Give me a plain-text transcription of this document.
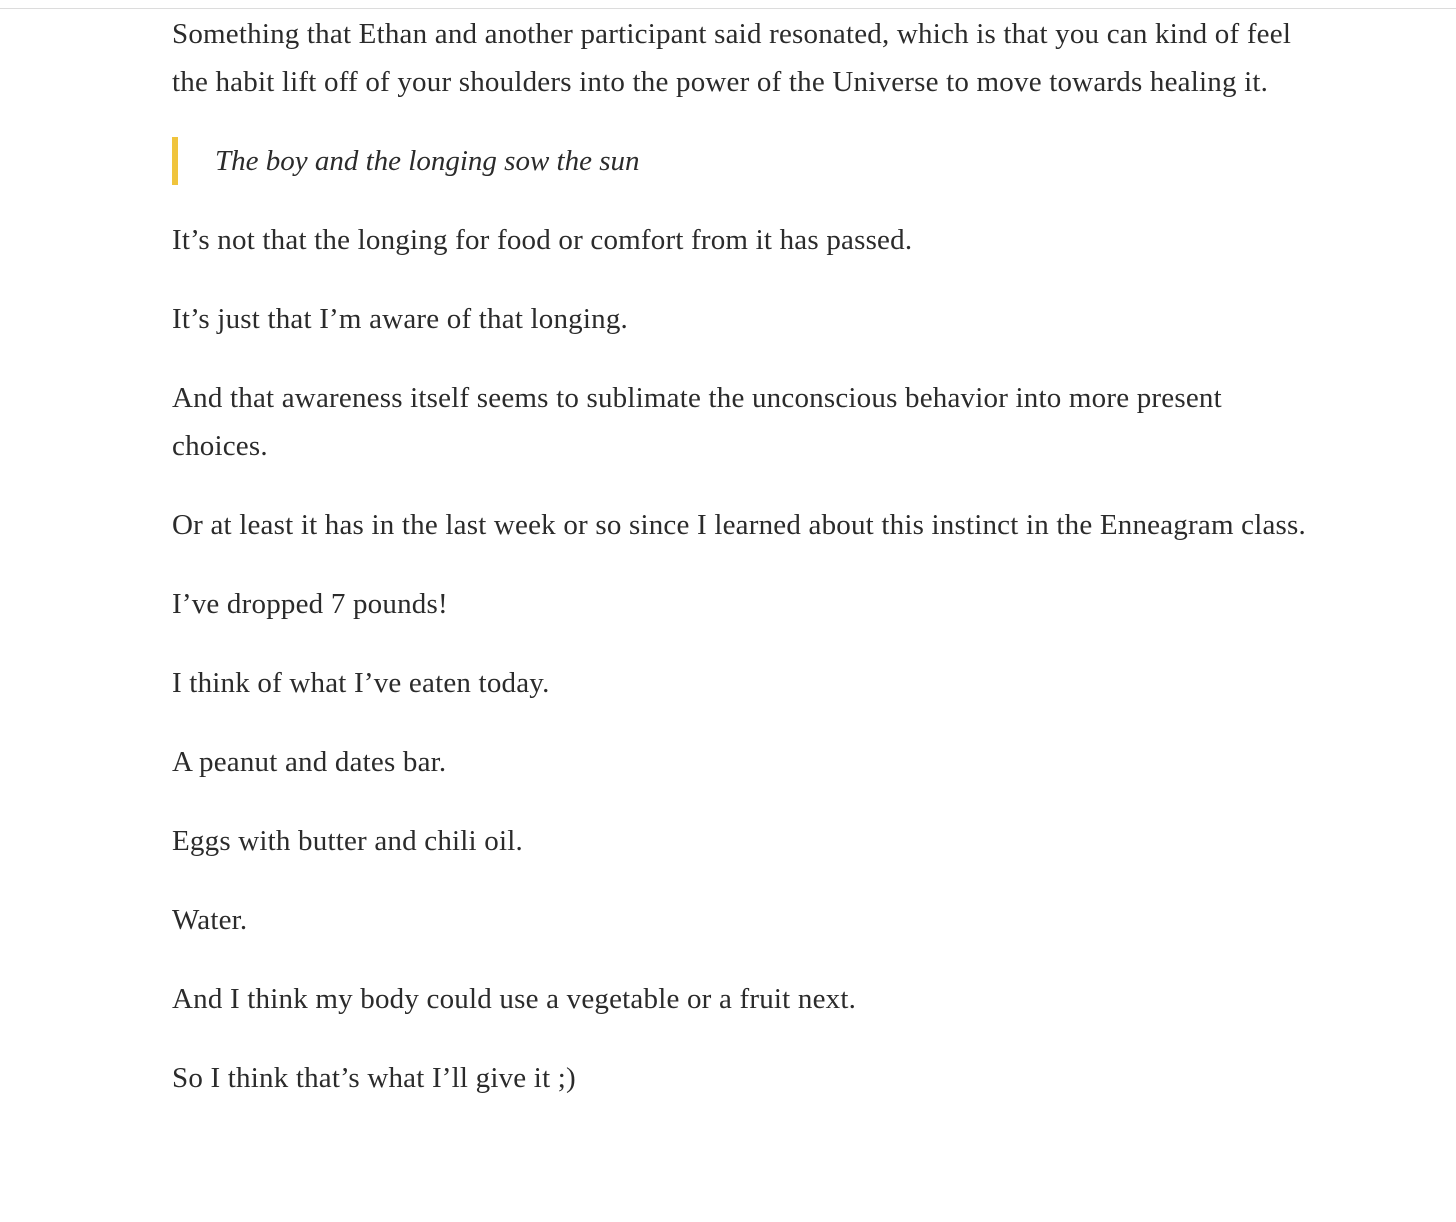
Something that Ethan and another participant said resonated, which is that you can kind of feel the habit lift off of your shoulders into the power of the Universe to move towards healing it.

The boy and the longing sow the sun

It’s not that the longing for food or comfort from it has passed.

It’s just that I’m aware of that longing.

And that awareness itself seems to sublimate the unconscious behavior into more present choices.

Or at least it has in the last week or so since I learned about this instinct in the Enneagram class.

I’ve dropped 7 pounds!

I think of what I’ve eaten today.

A peanut and dates bar.

Eggs with butter and chili oil.

Water.

And I think my body could use a vegetable or a fruit next.

So I think that’s what I’ll give it ;)
